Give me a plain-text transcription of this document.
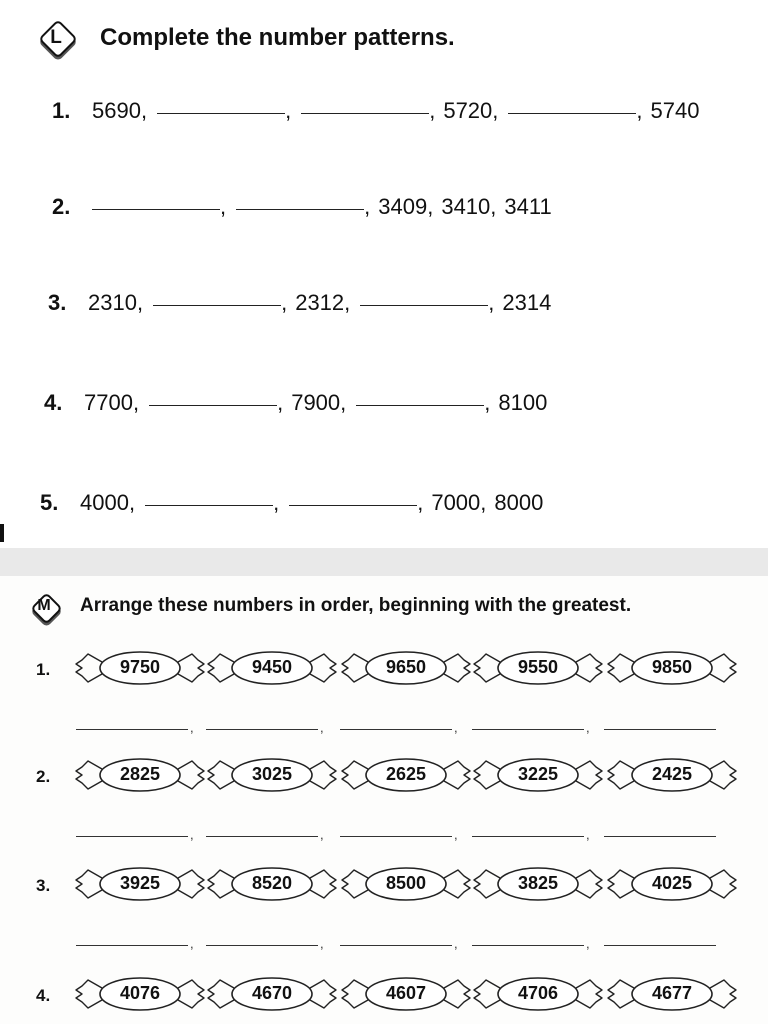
L	Complete the number patterns.
1. 5690 ,	,	, 5720 ,	, 5740
2.	,	, 3409 , 3410 , 3411
3. 2310 ,	, 2312 ,	, 2314
4. 7700 ,	, 7900 ,	, 8100
5. 4000 ,	,	, 7000 , 8000
M	Arrange these numbers in order, beginning with the greatest.
1.	9750	9450	9650	9550	9850
,	,	,	,
2.	2825	3025	2625	3225	2425
,	,	,	,
3.	3925	8520	8500	3825	4025
,	,	,	,
4.	4076	4670	4607	4706	4677
